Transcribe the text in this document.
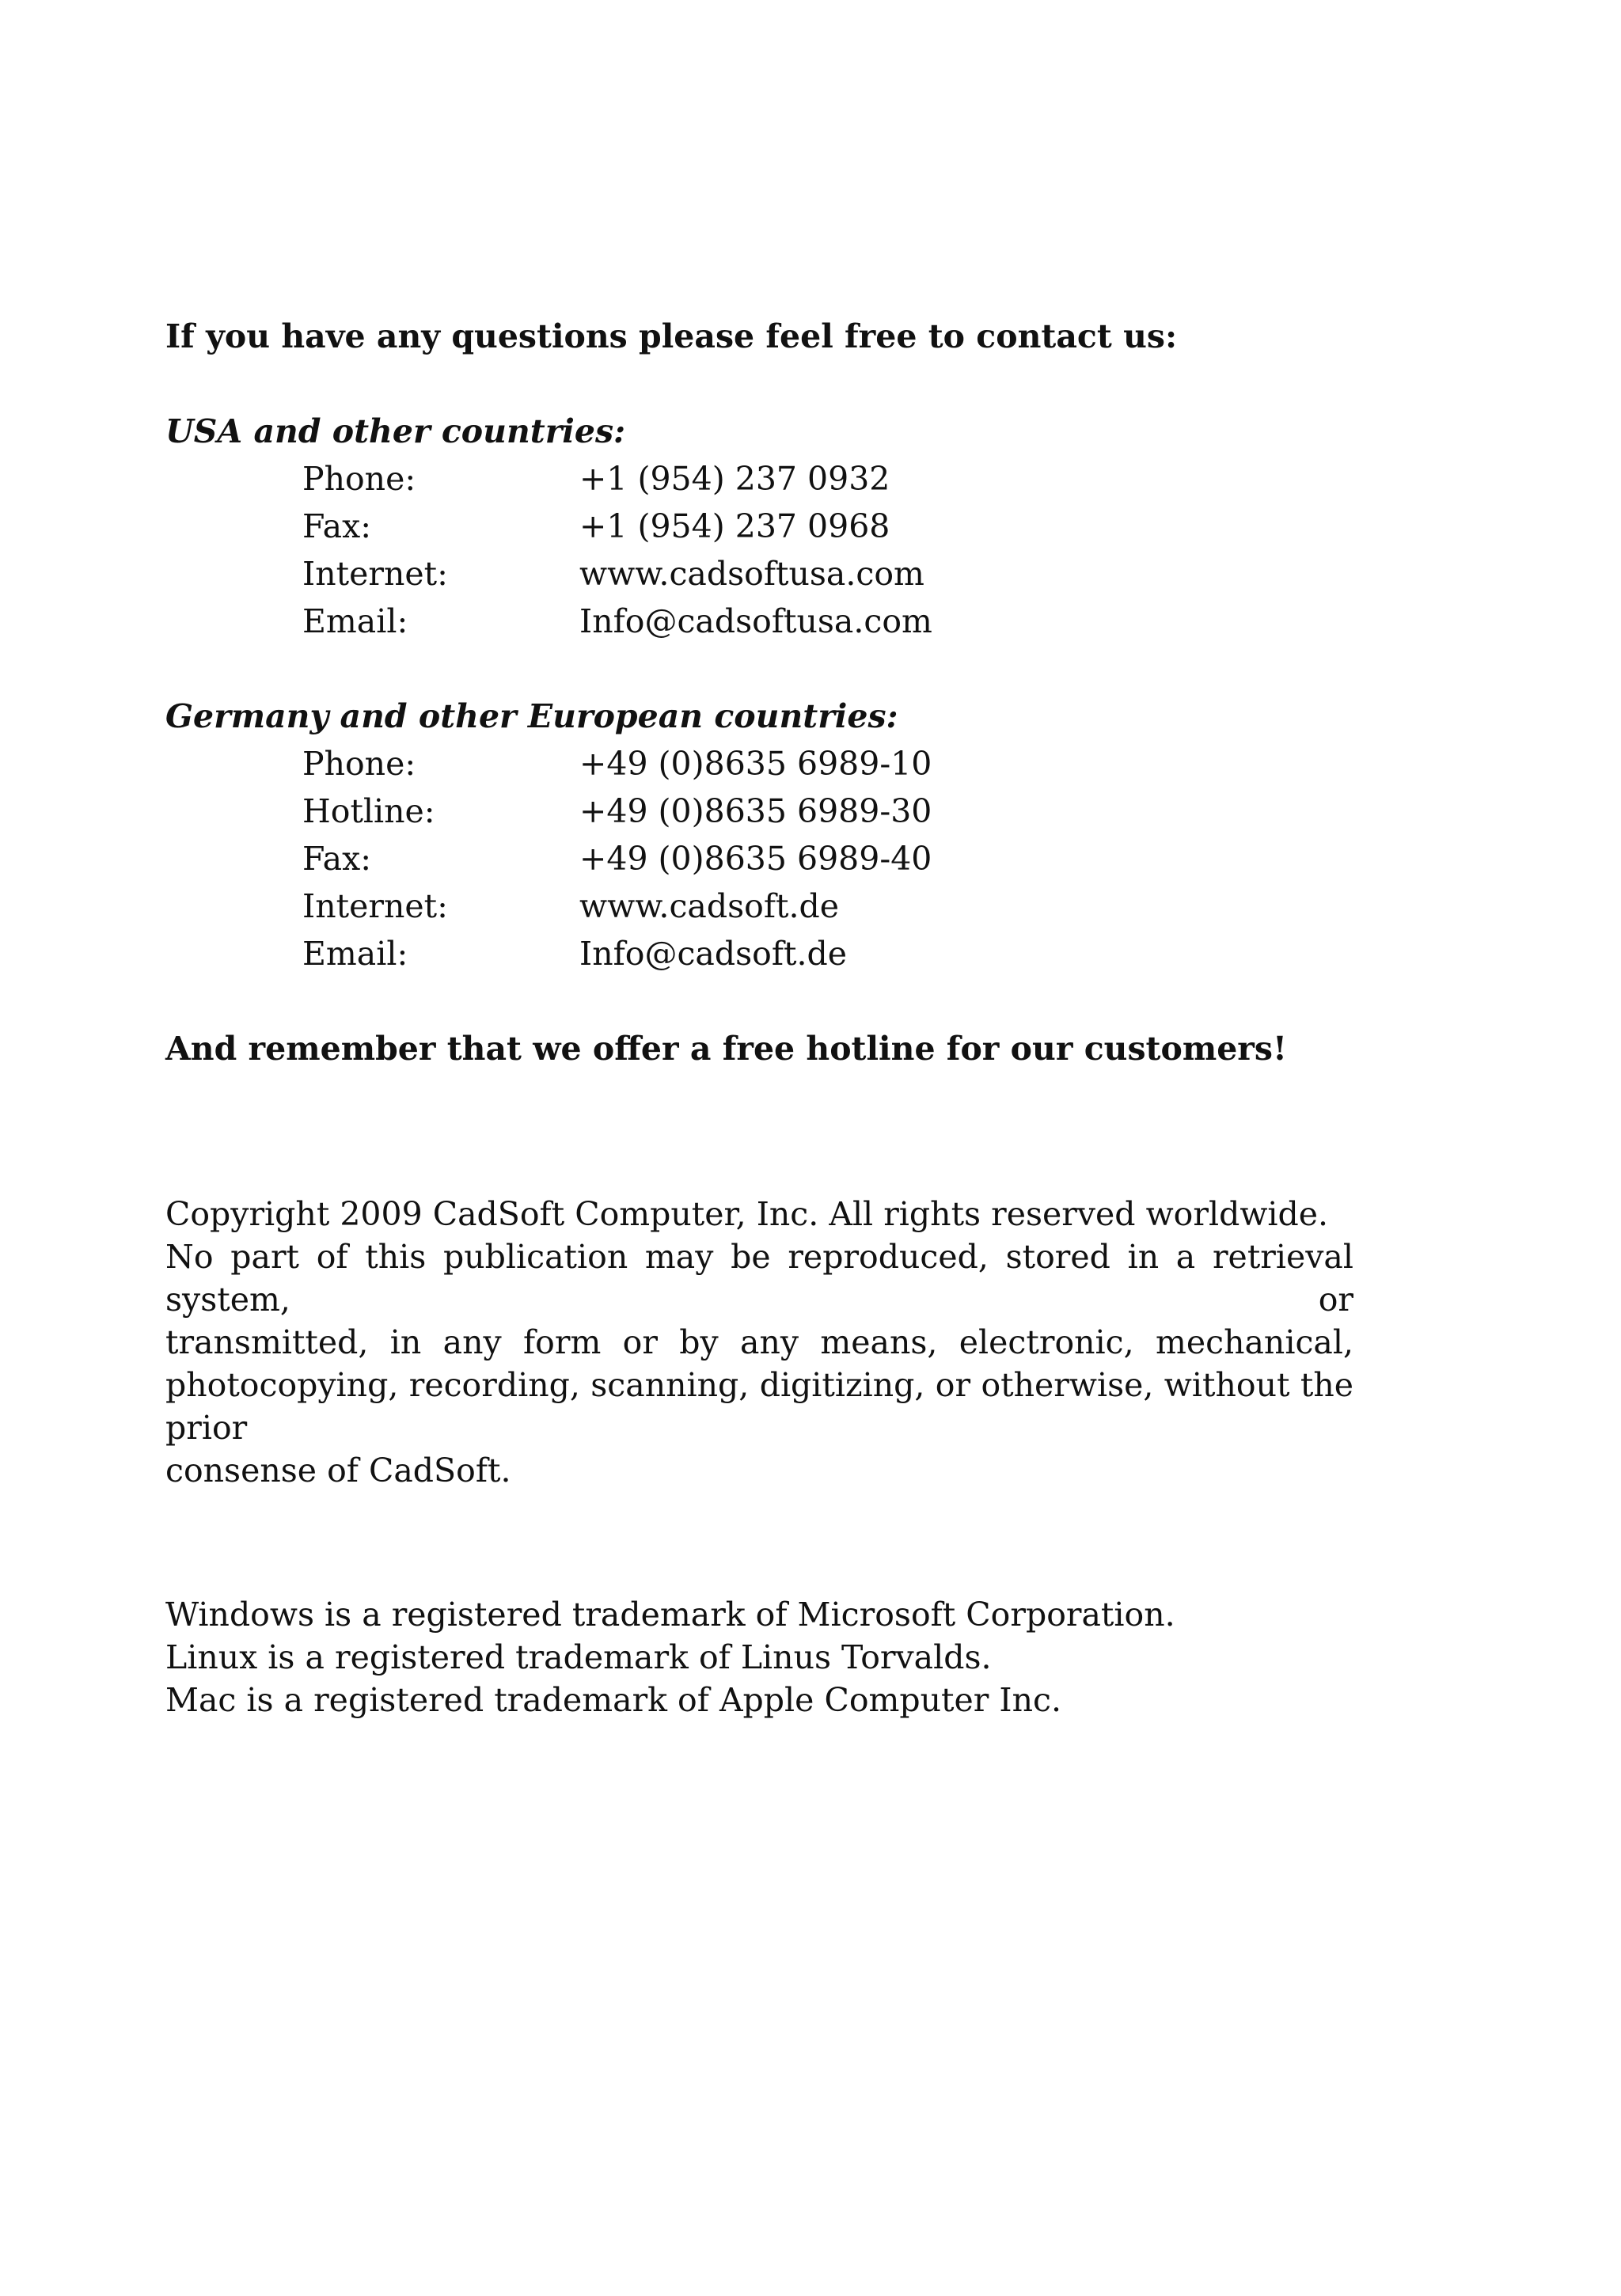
If you have any questions please feel free to contact us:

USA and other countries:

Phone:	+1 (954) 237 0932
Fax:	+1 (954) 237 0968
Internet:	www.cadsoftusa.com
Email:	Info@cadsoftusa.com

Germany and other European countries:

Phone:	+49 (0)8635 6989-10
Hotline:	+49 (0)8635 6989-30
Fax:	+49 (0)8635 6989-40
Internet:	www.cadsoft.de
Email:	Info@cadsoft.de

And remember that we offer a free hotline for our customers!

Copyright 2009 CadSoft Computer, Inc. All rights reserved worldwide.
No part of this publication may be reproduced, stored in a retrieval system, or
transmitted, in any form or by any means, electronic, mechanical,
photocopying, recording, scanning, digitizing, or otherwise, without the prior
consense of CadSoft.
Windows is a registered trademark of Microsoft Corporation.
Linux is a registered trademark of Linus Torvalds.
Mac is a registered trademark of Apple Computer Inc.
